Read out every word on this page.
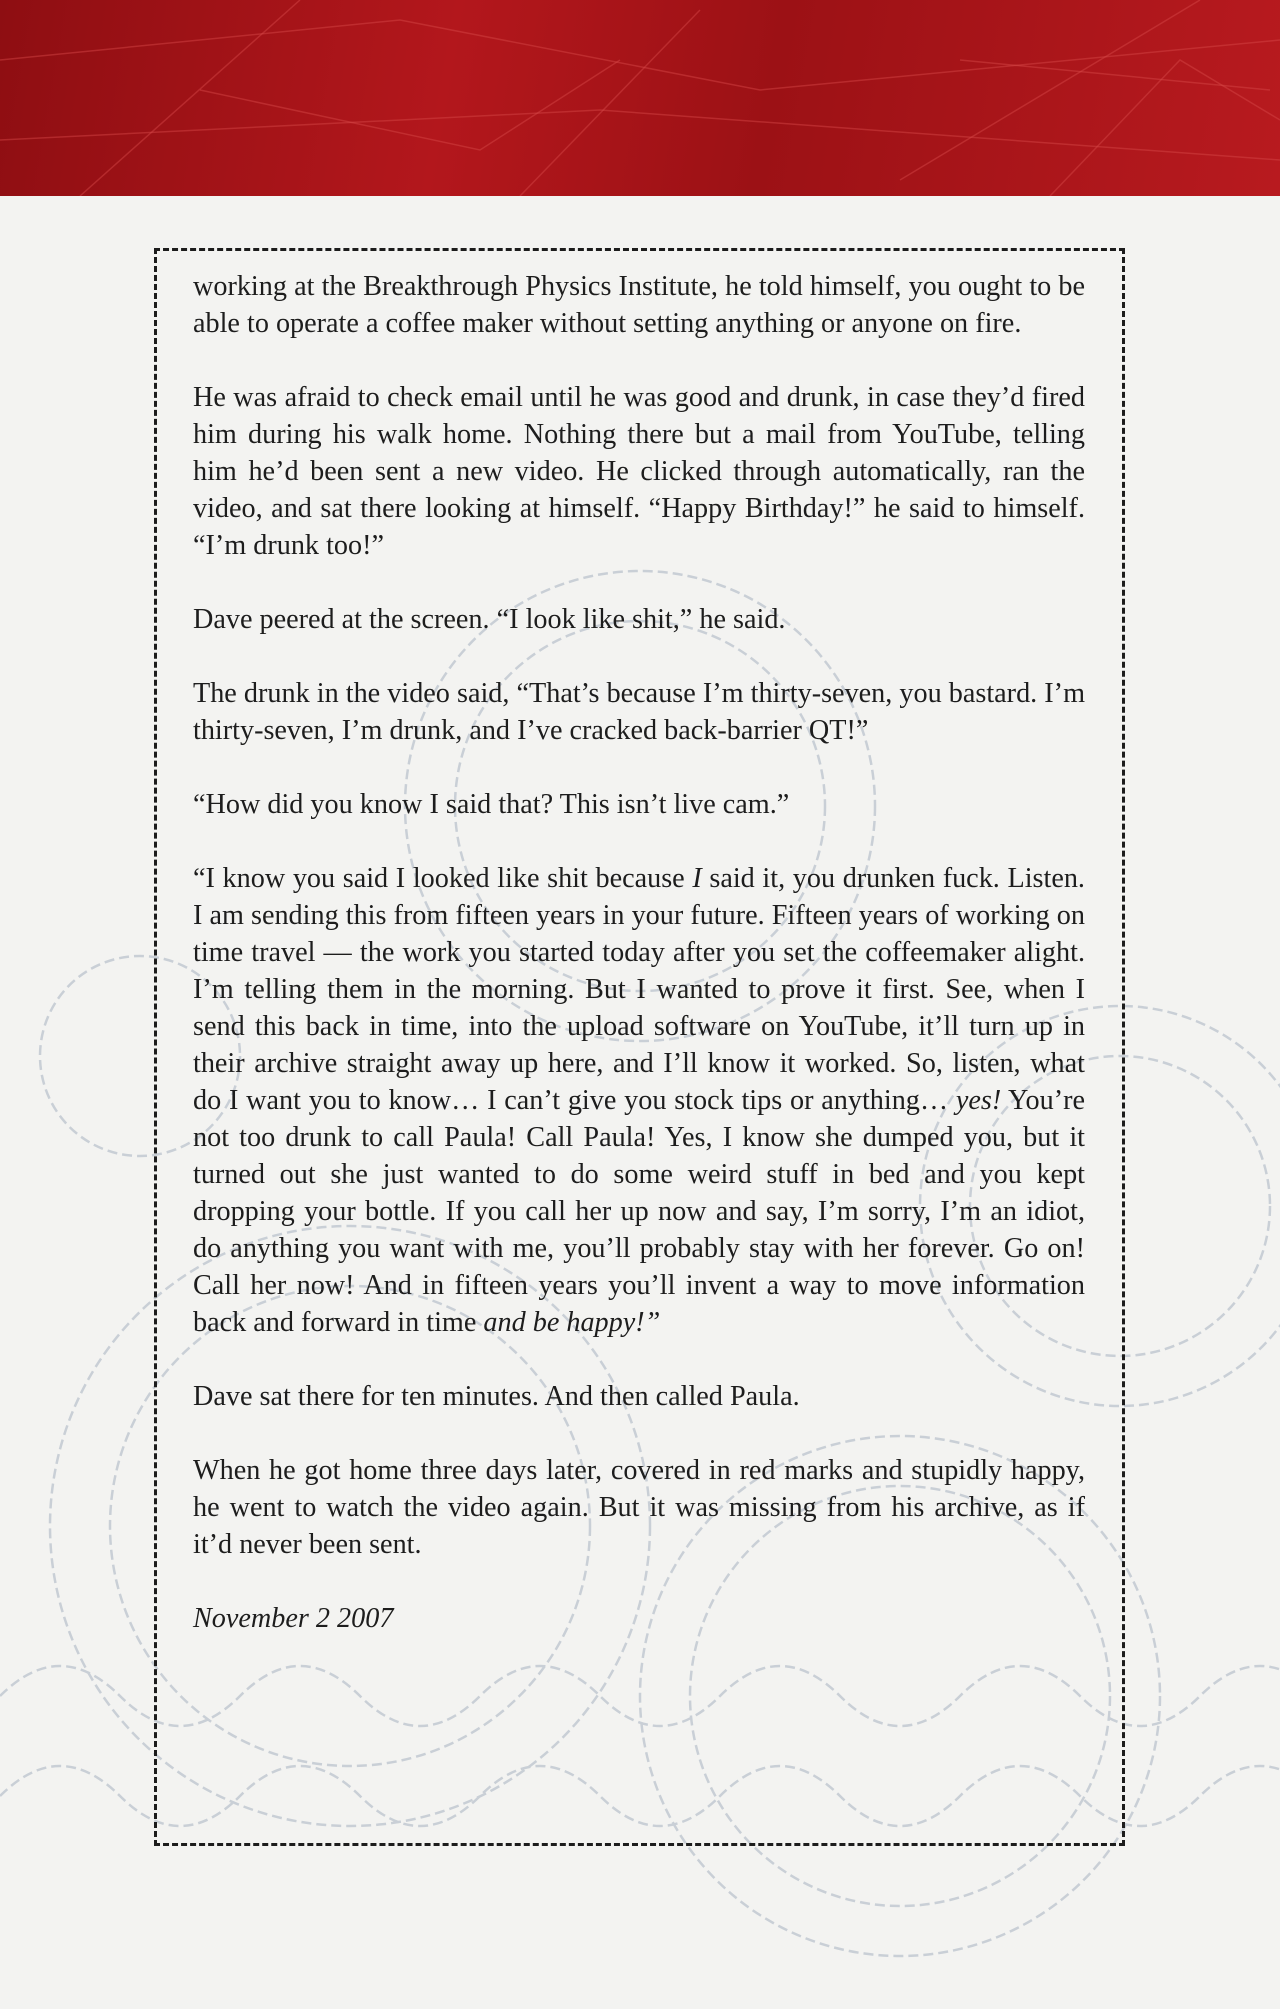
working at the Breakthrough Physics Institute, he told himself, you ought to be able to operate a coffee maker without setting anything or anyone on fire.

He was afraid to check email until he was good and drunk, in case they’d fired him during his walk home. Nothing there but a mail from YouTube, telling him he’d been sent a new video. He clicked through automatically, ran the video, and sat there looking at himself. “Happy Birthday!” he said to himself. “I’m drunk too!”

Dave peered at the screen. “I look like shit,” he said.

The drunk in the video said, “That’s because I’m thirty-seven, you bastard. I’m thirty-seven, I’m drunk, and I’ve cracked back-barrier QT!”

“How did you know I said that? This isn’t live cam.”

“I know you said I looked like shit because I said it, you drunken fuck. Listen. I am sending this from fifteen years in your future. Fifteen years of working on time travel — the work you started today after you set the coffeemaker alight. I’m telling them in the morning. But I wanted to prove it first. See, when I send this back in time, into the upload software on YouTube, it’ll turn up in their archive straight away up here, and I’ll know it worked. So, listen, what do I want you to know… I can’t give you stock tips or anything… yes! You’re not too drunk to call Paula! Call Paula! Yes, I know she dumped you, but it turned out she just wanted to do some weird stuff in bed and you kept dropping your bottle. If you call her up now and say, I’m sorry, I’m an idiot, do anything you want with me, you’ll probably stay with her forever. Go on! Call her now! And in fifteen years you’ll invent a way to move information back and forward in time and be happy!”

Dave sat there for ten minutes. And then called Paula.

When he got home three days later, covered in red marks and stupidly happy, he went to watch the video again. But it was missing from his archive, as if it’d never been sent.

November 2 2007
